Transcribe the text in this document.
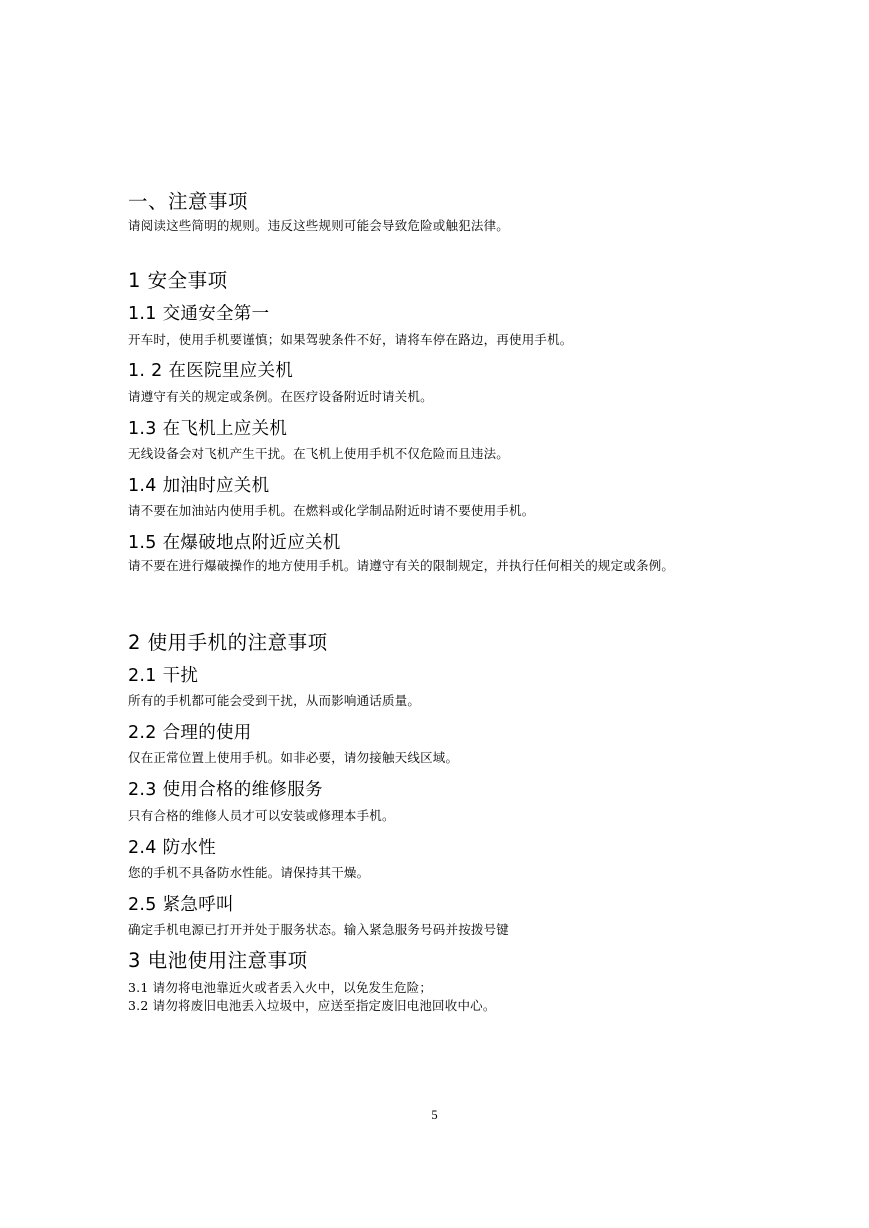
一、注意事项
请阅读这些简明的规则。违反这些规则可能会导致危险或触犯法律。
1 安全事项
1.1 交通安全第一
开车时，使用手机要谨慎；如果驾驶条件不好，请将车停在路边，再使用手机。
1. 2 在医院里应关机
请遵守有关的规定或条例。在医疗设备附近时请关机。
1.3 在飞机上应关机
无线设备会对飞机产生干扰。在飞机上使用手机不仅危险而且违法。
1.4 加油时应关机
请不要在加油站内使用手机。在燃料或化学制品附近时请不要使用手机。
1.5 在爆破地点附近应关机
请不要在进行爆破操作的地方使用手机。请遵守有关的限制规定，并执行任何相关的规定或条例。
2 使用手机的注意事项
2.1 干扰
所有的手机都可能会受到干扰，从而影响通话质量。
2.2 合理的使用
仅在正常位置上使用手机。如非必要，请勿接触天线区域。
2.3 使用合格的维修服务
只有合格的维修人员才可以安装或修理本手机。
2.4 防水性
您的手机不具备防水性能。请保持其干燥。
2.5 紧急呼叫
确定手机电源已打开并处于服务状态。输入紧急服务号码并按拨号键
3 电池使用注意事项
3.1 请勿将电池靠近火或者丢入火中，以免发生危险；
3.2 请勿将废旧电池丢入垃圾中，应送至指定废旧电池回收中心。
5
